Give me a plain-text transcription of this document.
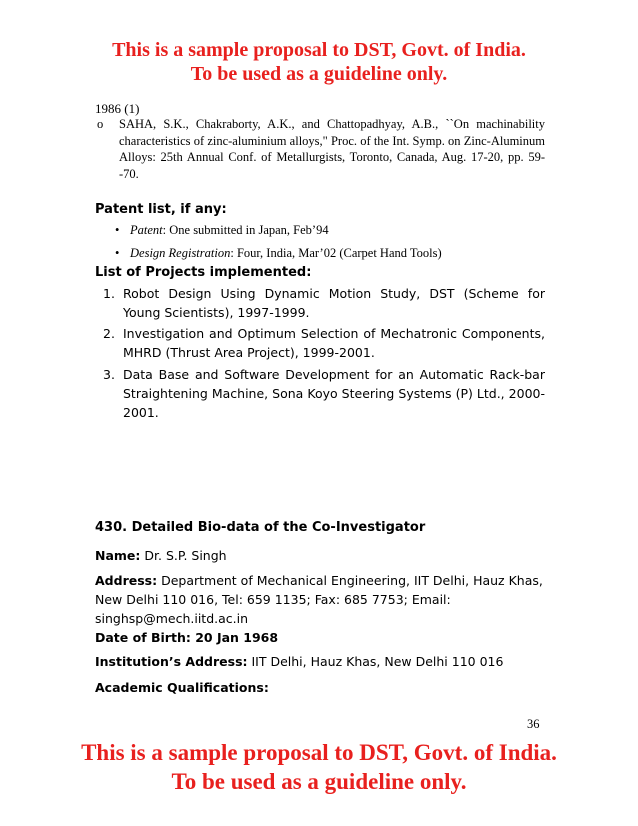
This is a sample proposal to DST, Govt. of India.
To be used as a guideline only.
1986 (1)
o SAHA, S.K., Chakraborty, A.K., and Chattopadhyay, A.B., ``On machinability characteristics of zinc-aluminium alloys," Proc. of the Int. Symp. on Zinc-Aluminum Alloys: 25th Annual Conf. of Metallurgists, Toronto, Canada, Aug. 17-20, pp. 59--70.
Patent list, if any:
• Patent: One submitted in Japan, Feb’94
• Design Registration: Four, India, Mar’02 (Carpet Hand Tools)
List of Projects implemented:
1. Robot Design Using Dynamic Motion Study, DST (Scheme for Young Scientists), 1997-1999.
2. Investigation and Optimum Selection of Mechatronic Components, MHRD (Thrust Area Project), 1999-2001.
3. Data Base and Software Development for an Automatic Rack-bar Straightening Machine, Sona Koyo Steering Systems (P) Ltd., 2000-2001.
430. Detailed Bio-data of the Co-Investigator
Name: Dr. S.P. Singh
Address: Department of Mechanical Engineering, IIT Delhi, Hauz Khas, New Delhi 110 016, Tel: 659 1135; Fax: 685 7753; Email: singhsp@mech.iitd.ac.in
Date of Birth: 20 Jan 1968
Institution’s Address: IIT Delhi, Hauz Khas, New Delhi 110 016
Academic Qualifications:
36
This is a sample proposal to DST, Govt. of India.
To be used as a guideline only.
